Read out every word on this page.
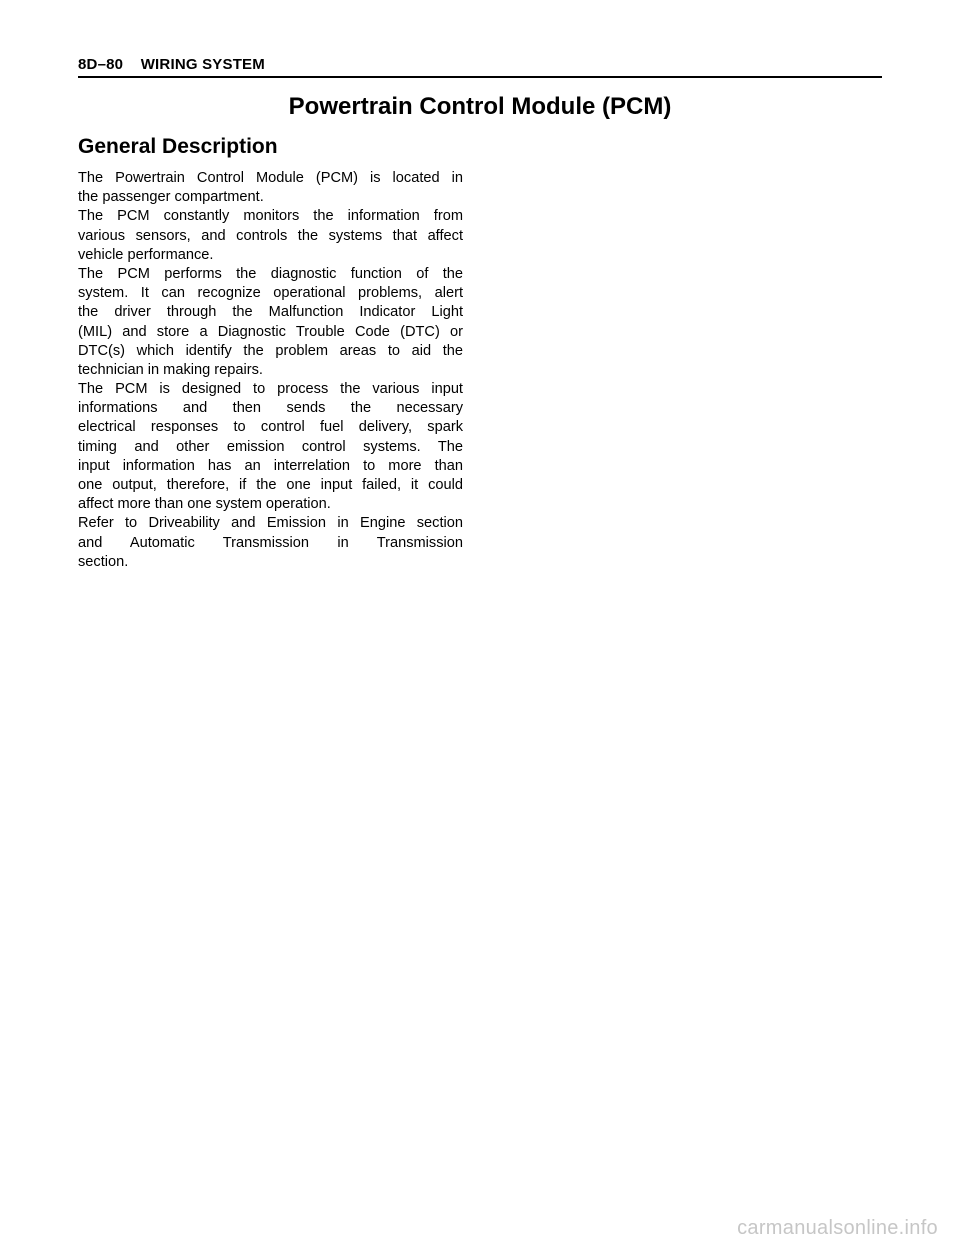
8D–80 WIRING SYSTEM
Powertrain Control Module (PCM)
General Description
The Powertrain Control Module (PCM) is located in
the passenger compartment.
The PCM constantly monitors the information from
various sensors, and controls the systems that affect
vehicle performance.
The PCM performs the diagnostic function of the
system. It can recognize operational problems, alert
the driver through the Malfunction Indicator Light
(MIL) and store a Diagnostic Trouble Code (DTC) or
DTC(s) which identify the problem areas to aid the
technician in making repairs.
The PCM is designed to process the various input
informations and then sends the necessary
electrical responses to control fuel delivery, spark
timing and other emission control systems. The
input information has an interrelation to more than
one output, therefore, if the one input failed, it could
affect more than one system operation.
Refer to Driveability and Emission in Engine section
and Automatic Transmission in Transmission
section.
carmanualsonline.info
